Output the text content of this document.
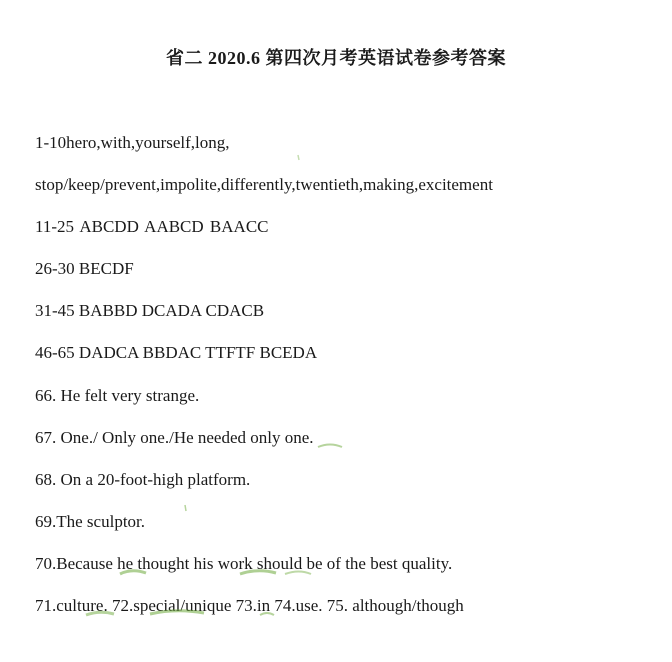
省二 2020.6 第四次月考英语试卷参考答案
1-10hero,with,yourself,long,
stop/keep/prevent,impolite,differently,twentieth,making,excitement
11-25 ABCDD AABCD BAACC
26-30 BECDF
31-45 BABBD DCADA CDACB
46-65 DADCA BBDAC TTFTF BCEDA
66. He felt very strange.
67. One./ Only one./He needed only one.
68. On a 20-foot-high platform.
69.The sculptor.
70.Because he thought his work should be of the best quality.
71.culture. 72.special/unique 73.in 74.use. 75. although/though
